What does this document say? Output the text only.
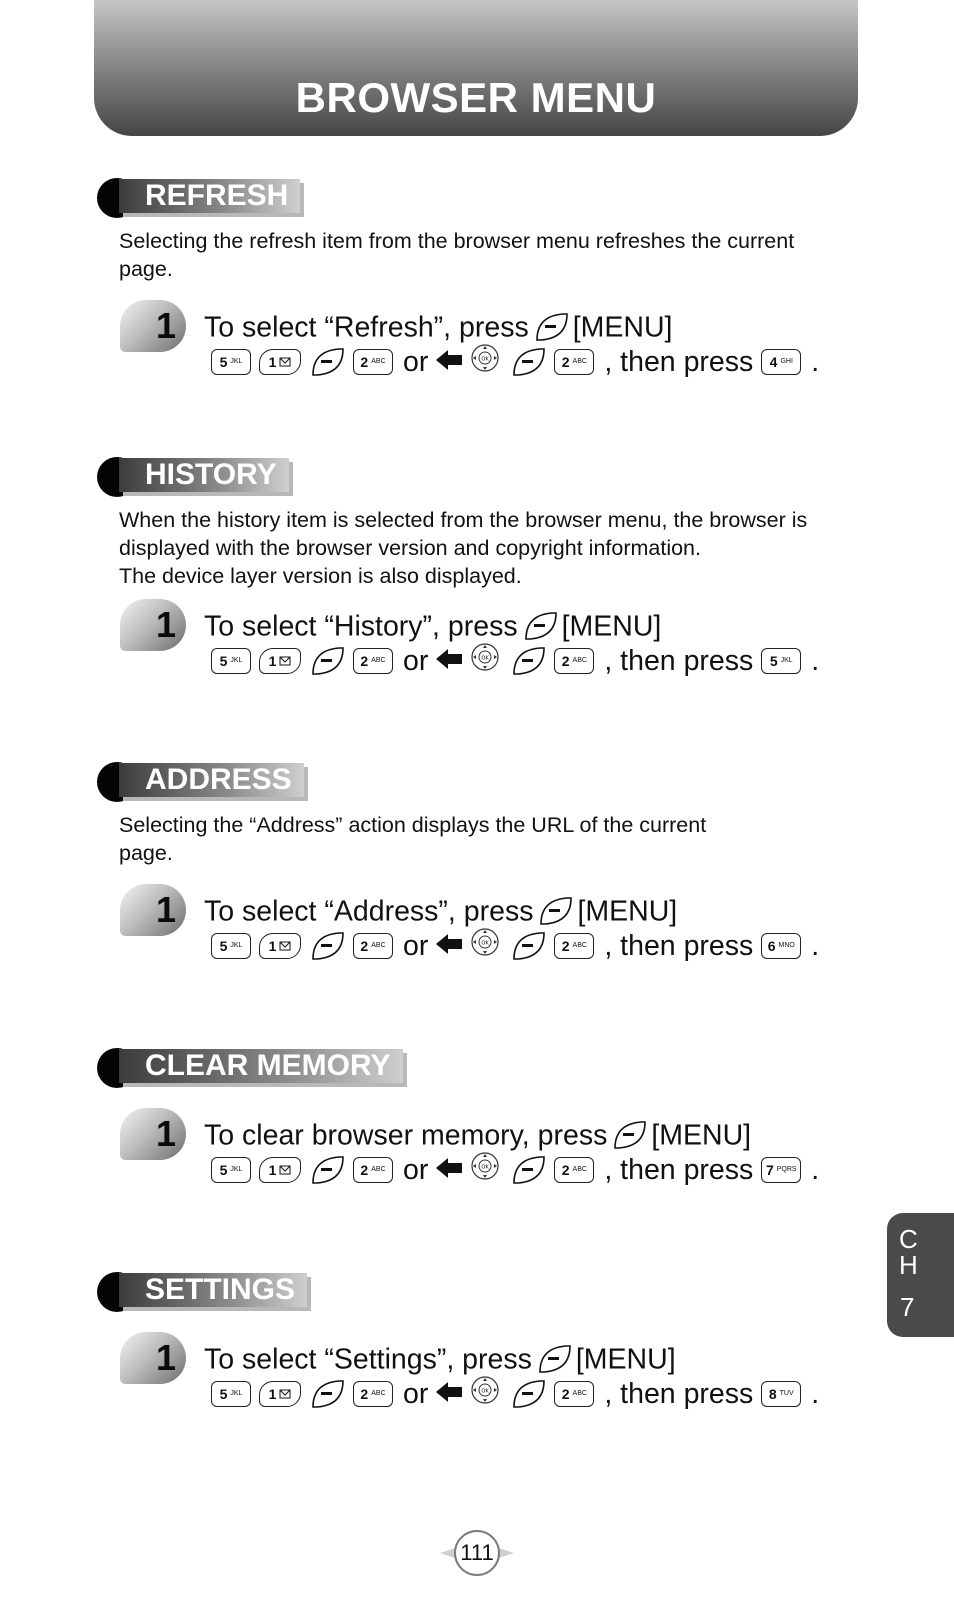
BROWSER MENU
REFRESH
Selecting the refresh item from the browser menu refreshes the current
page.
1 To select “Refresh”, press [MENU]
5 JKL 1	2 ABC or	OK	2 ABC , then press 4 GHI .
HISTORY
When the history item is selected from the browser menu, the browser is
displayed with the browser version and copyright information.
The device layer version is also displayed.
1 To select “History”, press [MENU]
5 JKL 1	2 ABC or	OK	2 ABC , then press 5 JKL .
ADDRESS
Selecting the “Address” action displays the URL of the current
page.
1 To select “Address”, press [MENU]
5 JKL 1	2 ABC or	OK	2 ABC , then press 6 MNO .
CLEAR MEMORY
1 To clear browser memory, press [MENU]
5 JKL 1	2 ABC or	OK	2 ABC , then press 7 PQRS .
SETTINGS
1 To select “Settings”, press [MENU]
5 JKL 1	2 ABC or	OK	2 ABC , then press 8 TUV .
C
H
7
111
